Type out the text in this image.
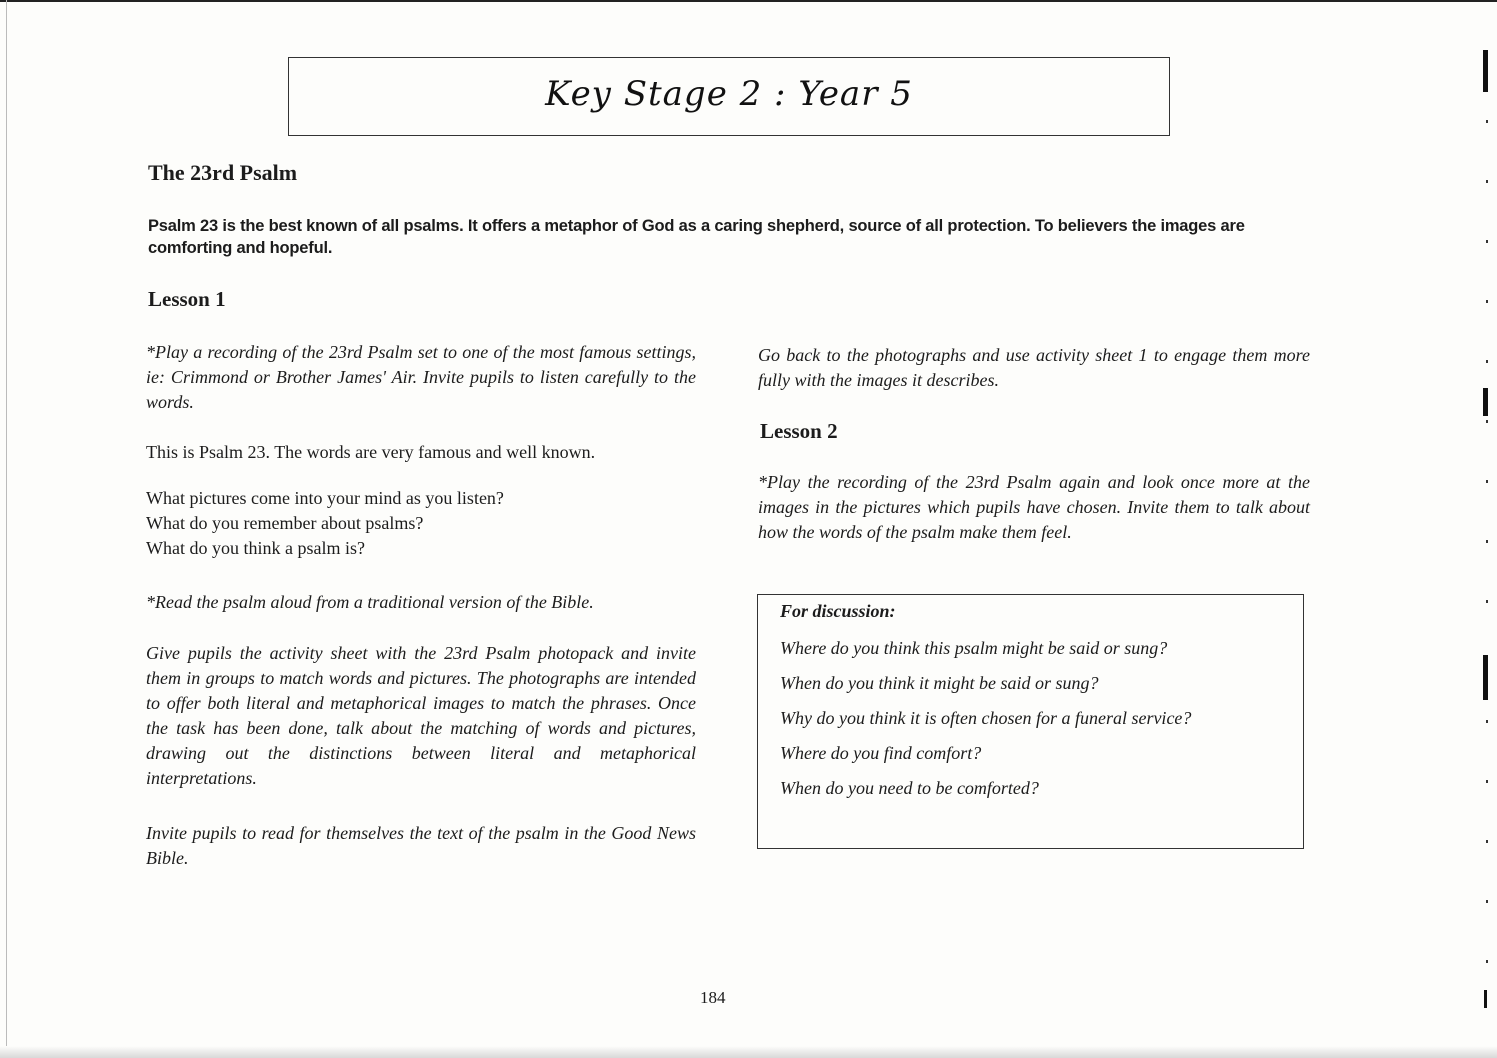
Key Stage 2 : Year 5
The 23rd Psalm

Psalm 23 is the best known of all psalms. It offers a metaphor of God as a caring shepherd, source of all protection. To believers the images are comforting and hopeful.

Lesson 1

*Play a recording of the 23rd Psalm set to one of the most famous settings, ie: Crimmond or Brother James' Air. Invite pupils to listen carefully to the words.

This is Psalm 23. The words are very famous and well known.

What pictures come into your mind as you listen?

What do you remember about psalms?

What do you think a psalm is?

*Read the psalm aloud from a traditional version of the Bible.

Give pupils the activity sheet with the 23rd Psalm photopack and invite them in groups to match words and pictures. The photographs are intended to offer both literal and metaphorical images to match the phrases. Once the task has been done, talk about the matching of words and pictures, drawing out the distinctions between literal and metaphorical interpretations.

Invite pupils to read for themselves the text of the psalm in the Good News Bible.

Go back to the photographs and use activity sheet 1 to engage them more fully with the images it describes.

Lesson 2

*Play the recording of the 23rd Psalm again and look once more at the images in the pictures which pupils have chosen. Invite them to talk about how the words of the psalm make them feel.

For discussion:

Where do you think this psalm might be said or sung?

When do you think it might be said or sung?

Why do you think it is often chosen for a funeral service?

Where do you find comfort?

When do you need to be comforted?

184
